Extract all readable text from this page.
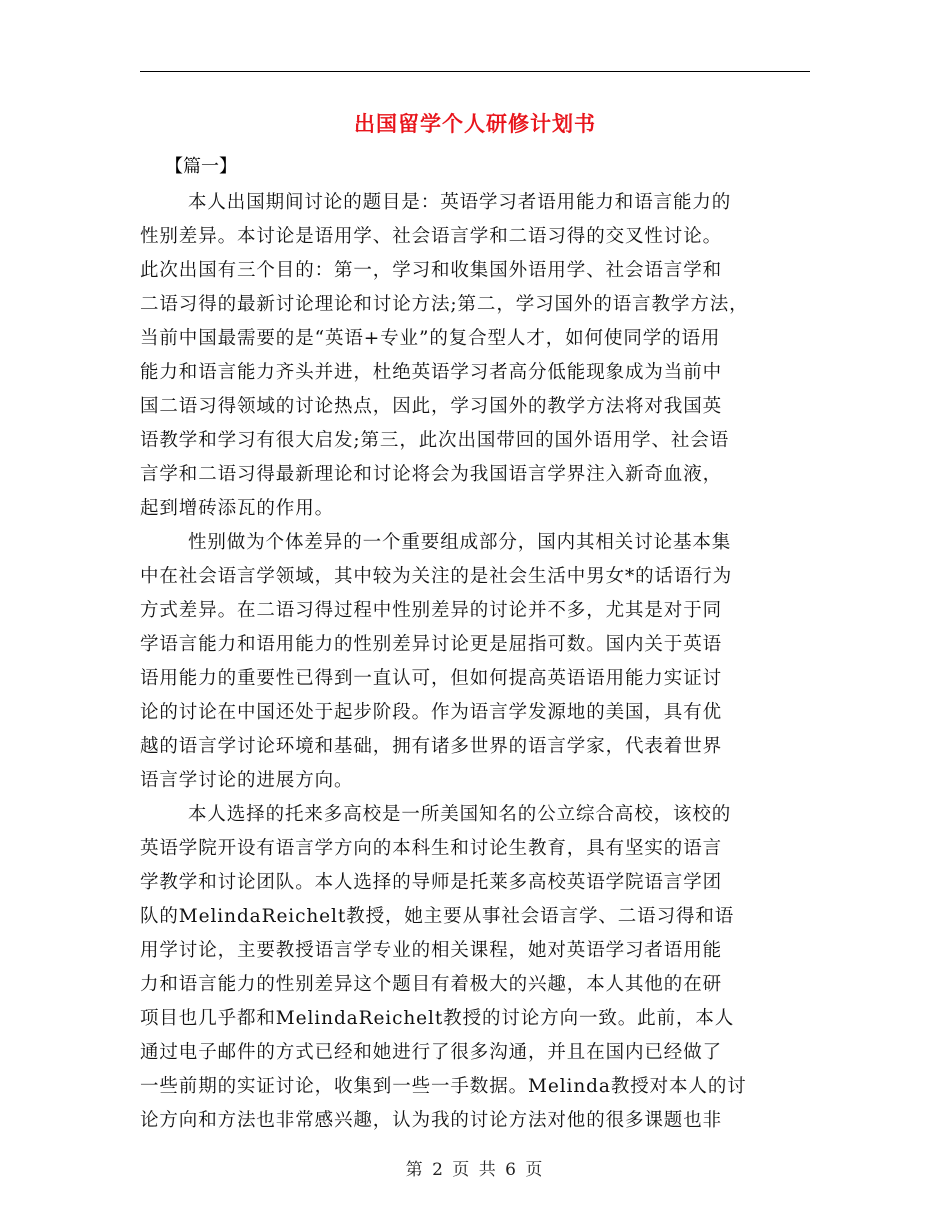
出国留学个人研修计划书
【篇一】
本人出国期间讨论的题目是：英语学习者语用能力和语言能力的
性别差异。本讨论是语用学、社会语言学和二语习得的交叉性讨论。
此次出国有三个目的：第一，学习和收集国外语用学、社会语言学和
二语习得的最新讨论理论和讨论方法;第二，学习国外的语言教学方法，
当前中国最需要的是“英语+专业”的复合型人才，如何使同学的语用
能力和语言能力齐头并进，杜绝英语学习者高分低能现象成为当前中
国二语习得领域的讨论热点，因此，学习国外的教学方法将对我国英
语教学和学习有很大启发;第三，此次出国带回的国外语用学、社会语
言学和二语习得最新理论和讨论将会为我国语言学界注入新奇血液，
起到增砖添瓦的作用。
性别做为个体差异的一个重要组成部分，国内其相关讨论基本集
中在社会语言学领域，其中较为关注的是社会生活中男女*的话语行为
方式差异。在二语习得过程中性别差异的讨论并不多，尤其是对于同
学语言能力和语用能力的性别差异讨论更是屈指可数。国内关于英语
语用能力的重要性已得到一直认可，但如何提高英语语用能力实证讨
论的讨论在中国还处于起步阶段。作为语言学发源地的美国，具有优
越的语言学讨论环境和基础，拥有诸多世界的语言学家，代表着世界
语言学讨论的进展方向。
本人选择的托来多高校是一所美国知名的公立综合高校，该校的
英语学院开设有语言学方向的本科生和讨论生教育，具有坚实的语言
学教学和讨论团队。本人选择的导师是托莱多高校英语学院语言学团
队的MelindaReichelt教授，她主要从事社会语言学、二语习得和语
用学讨论，主要教授语言学专业的相关课程，她对英语学习者语用能
力和语言能力的性别差异这个题目有着极大的兴趣，本人其他的在研
项目也几乎都和MelindaReichelt教授的讨论方向一致。此前，本人
通过电子邮件的方式已经和她进行了很多沟通，并且在国内已经做了
一些前期的实证讨论，收集到一些一手数据。Melinda教授对本人的讨
论方向和方法也非常感兴趣，认为我的讨论方法对他的很多课题也非
第 2 页 共 6 页
